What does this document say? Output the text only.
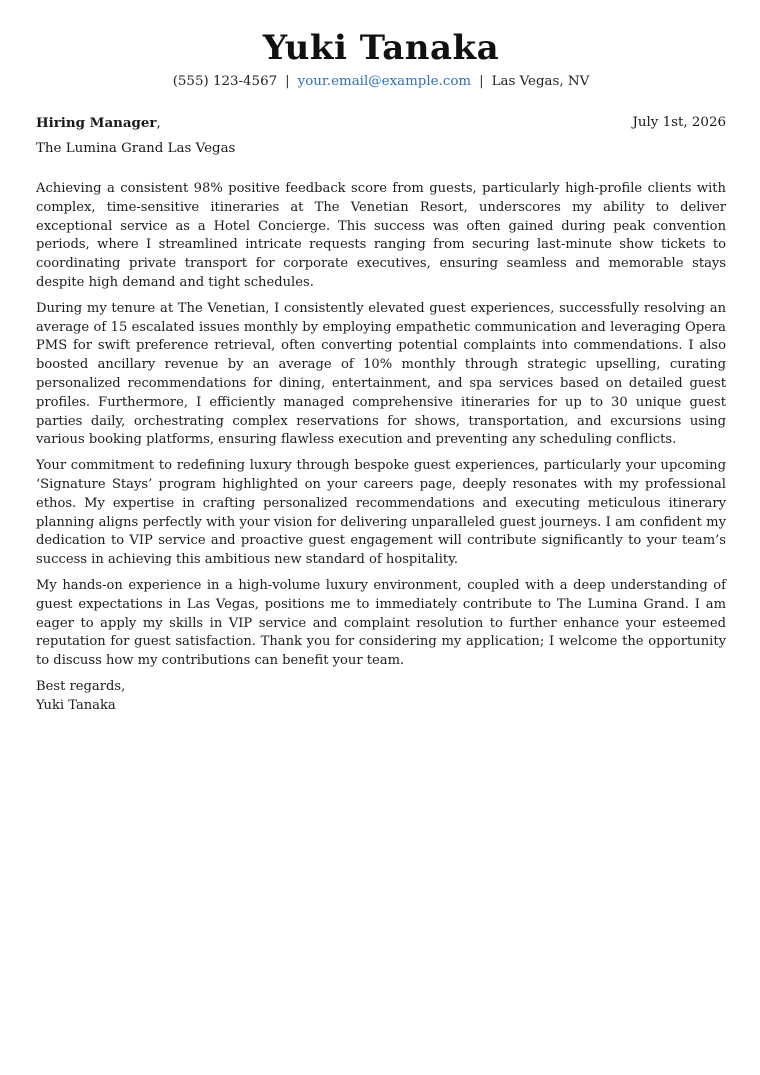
Yuki Tanaka
(555) 123-4567 | your.email@example.com | Las Vegas, NV
Hiring Manager,	July 1st, 2026
The Lumina Grand Las Vegas

Achieving a consistent 98% positive feedback score from guests, particularly high-profile clients with complex, time-sensitive itineraries at The Venetian Resort, underscores my ability to deliver exceptional service as a Hotel Concierge. This success was often gained during peak convention periods, where I streamlined intricate requests ranging from securing last-minute show tickets to coordinating private transport for corporate executives, ensuring seamless and memorable stays despite high demand and tight schedules.

During my tenure at The Venetian, I consistently elevated guest experiences, successfully resolving an average of 15 escalated issues monthly by employing empathetic communication and leveraging Opera PMS for swift preference retrieval, often converting potential complaints into commendations. I also boosted ancillary revenue by an average of 10% monthly through strategic upselling, curating personalized recommendations for dining, entertainment, and spa services based on detailed guest profiles. Furthermore, I efficiently managed comprehensive itineraries for up to 30 unique guest parties daily, orchestrating complex reservations for shows, transportation, and excursions using various booking platforms, ensuring flawless execution and preventing any scheduling conflicts.

Your commitment to redefining luxury through bespoke guest experiences, particularly your upcoming ‘Signature Stays’ program highlighted on your careers page, deeply resonates with my professional ethos. My expertise in crafting personalized recommendations and executing meticulous itinerary planning aligns perfectly with your vision for delivering unparalleled guest journeys. I am confident my dedication to VIP service and proactive guest engagement will contribute significantly to your team’s success in achieving this ambitious new standard of hospitality.

My hands-on experience in a high-volume luxury environment, coupled with a deep understanding of guest expectations in Las Vegas, positions me to immediately contribute to The Lumina Grand. I am eager to apply my skills in VIP service and complaint resolution to further enhance your esteemed reputation for guest satisfaction. Thank you for considering my application; I welcome the opportunity to discuss how my contributions can benefit your team.

Best regards,
Yuki Tanaka
